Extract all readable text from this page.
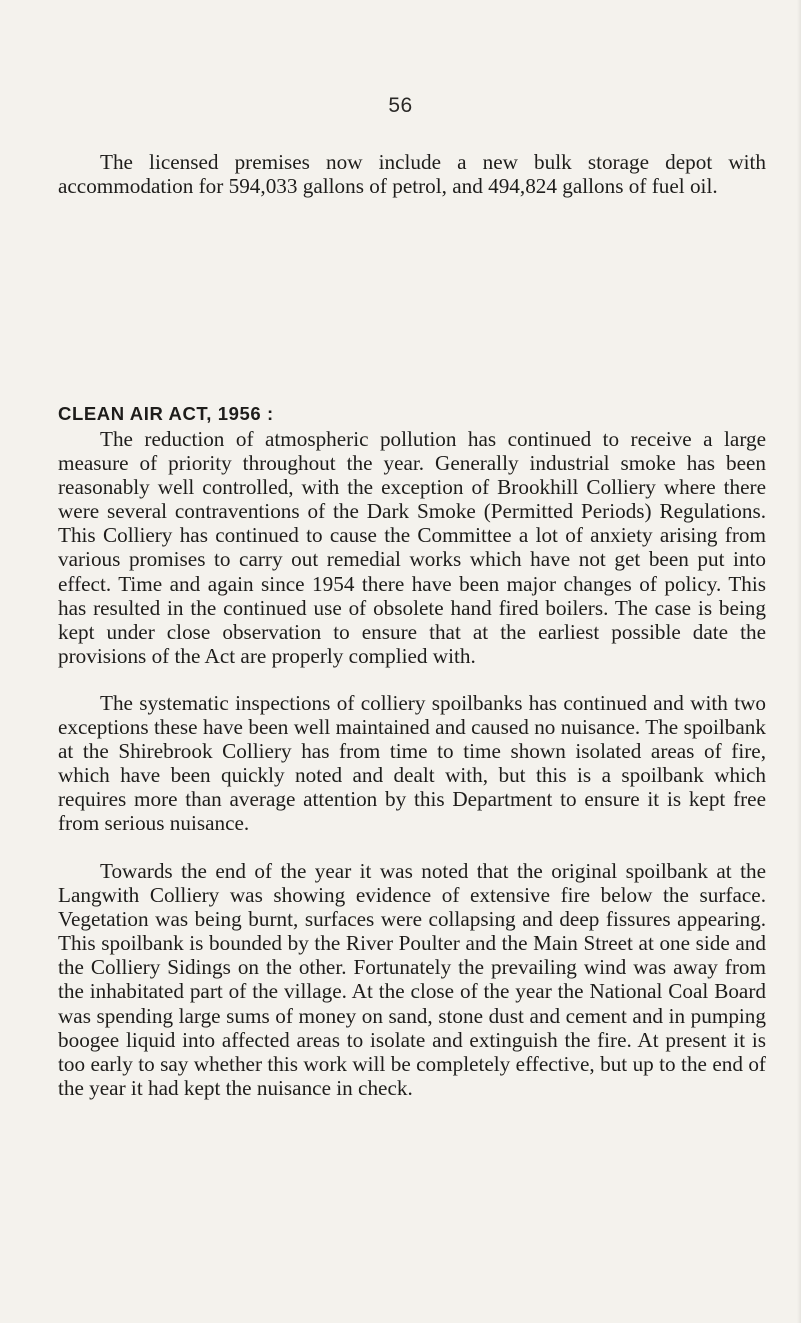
56

The licensed premises now include a new bulk storage depot with accommodation for 594,033 gallons of petrol, and 494,824 gallons of fuel oil.

CLEAN AIR ACT, 1956 :

The reduction of atmospheric pollution has continued to receive a large measure of priority throughout the year. Generally industrial smoke has been reasonably well controlled, with the exception of Brookhill Colliery where there were several contraventions of the Dark Smoke (Permitted Periods) Regulations. This Colliery has continued to cause the Committee a lot of anxiety arising from various promises to carry out remedial works which have not get been put into effect. Time and again since 1954 there have been major changes of policy. This has resulted in the continued use of obsolete hand fired boilers. The case is being kept under close observation to ensure that at the earliest possible date the provisions of the Act are properly complied with.

The systematic inspections of colliery spoilbanks has continued and with two exceptions these have been well maintained and caused no nuisance. The spoilbank at the Shirebrook Colliery has from time to time shown isolated areas of fire, which have been quickly noted and dealt with, but this is a spoilbank which requires more than average attention by this Department to ensure it is kept free from serious nuisance.

Towards the end of the year it was noted that the original spoilbank at the Langwith Colliery was showing evidence of extensive fire below the surface. Vegetation was being burnt, surfaces were collapsing and deep fissures appearing. This spoilbank is bounded by the River Poulter and the Main Street at one side and the Colliery Sidings on the other. Fortunately the prevailing wind was away from the inhabitated part of the village. At the close of the year the National Coal Board was spending large sums of money on sand, stone dust and cement and in pumping boogee liquid into affected areas to isolate and extinguish the fire. At present it is too early to say whether this work will be completely effective, but up to the end of the year it had kept the nuisance in check.
